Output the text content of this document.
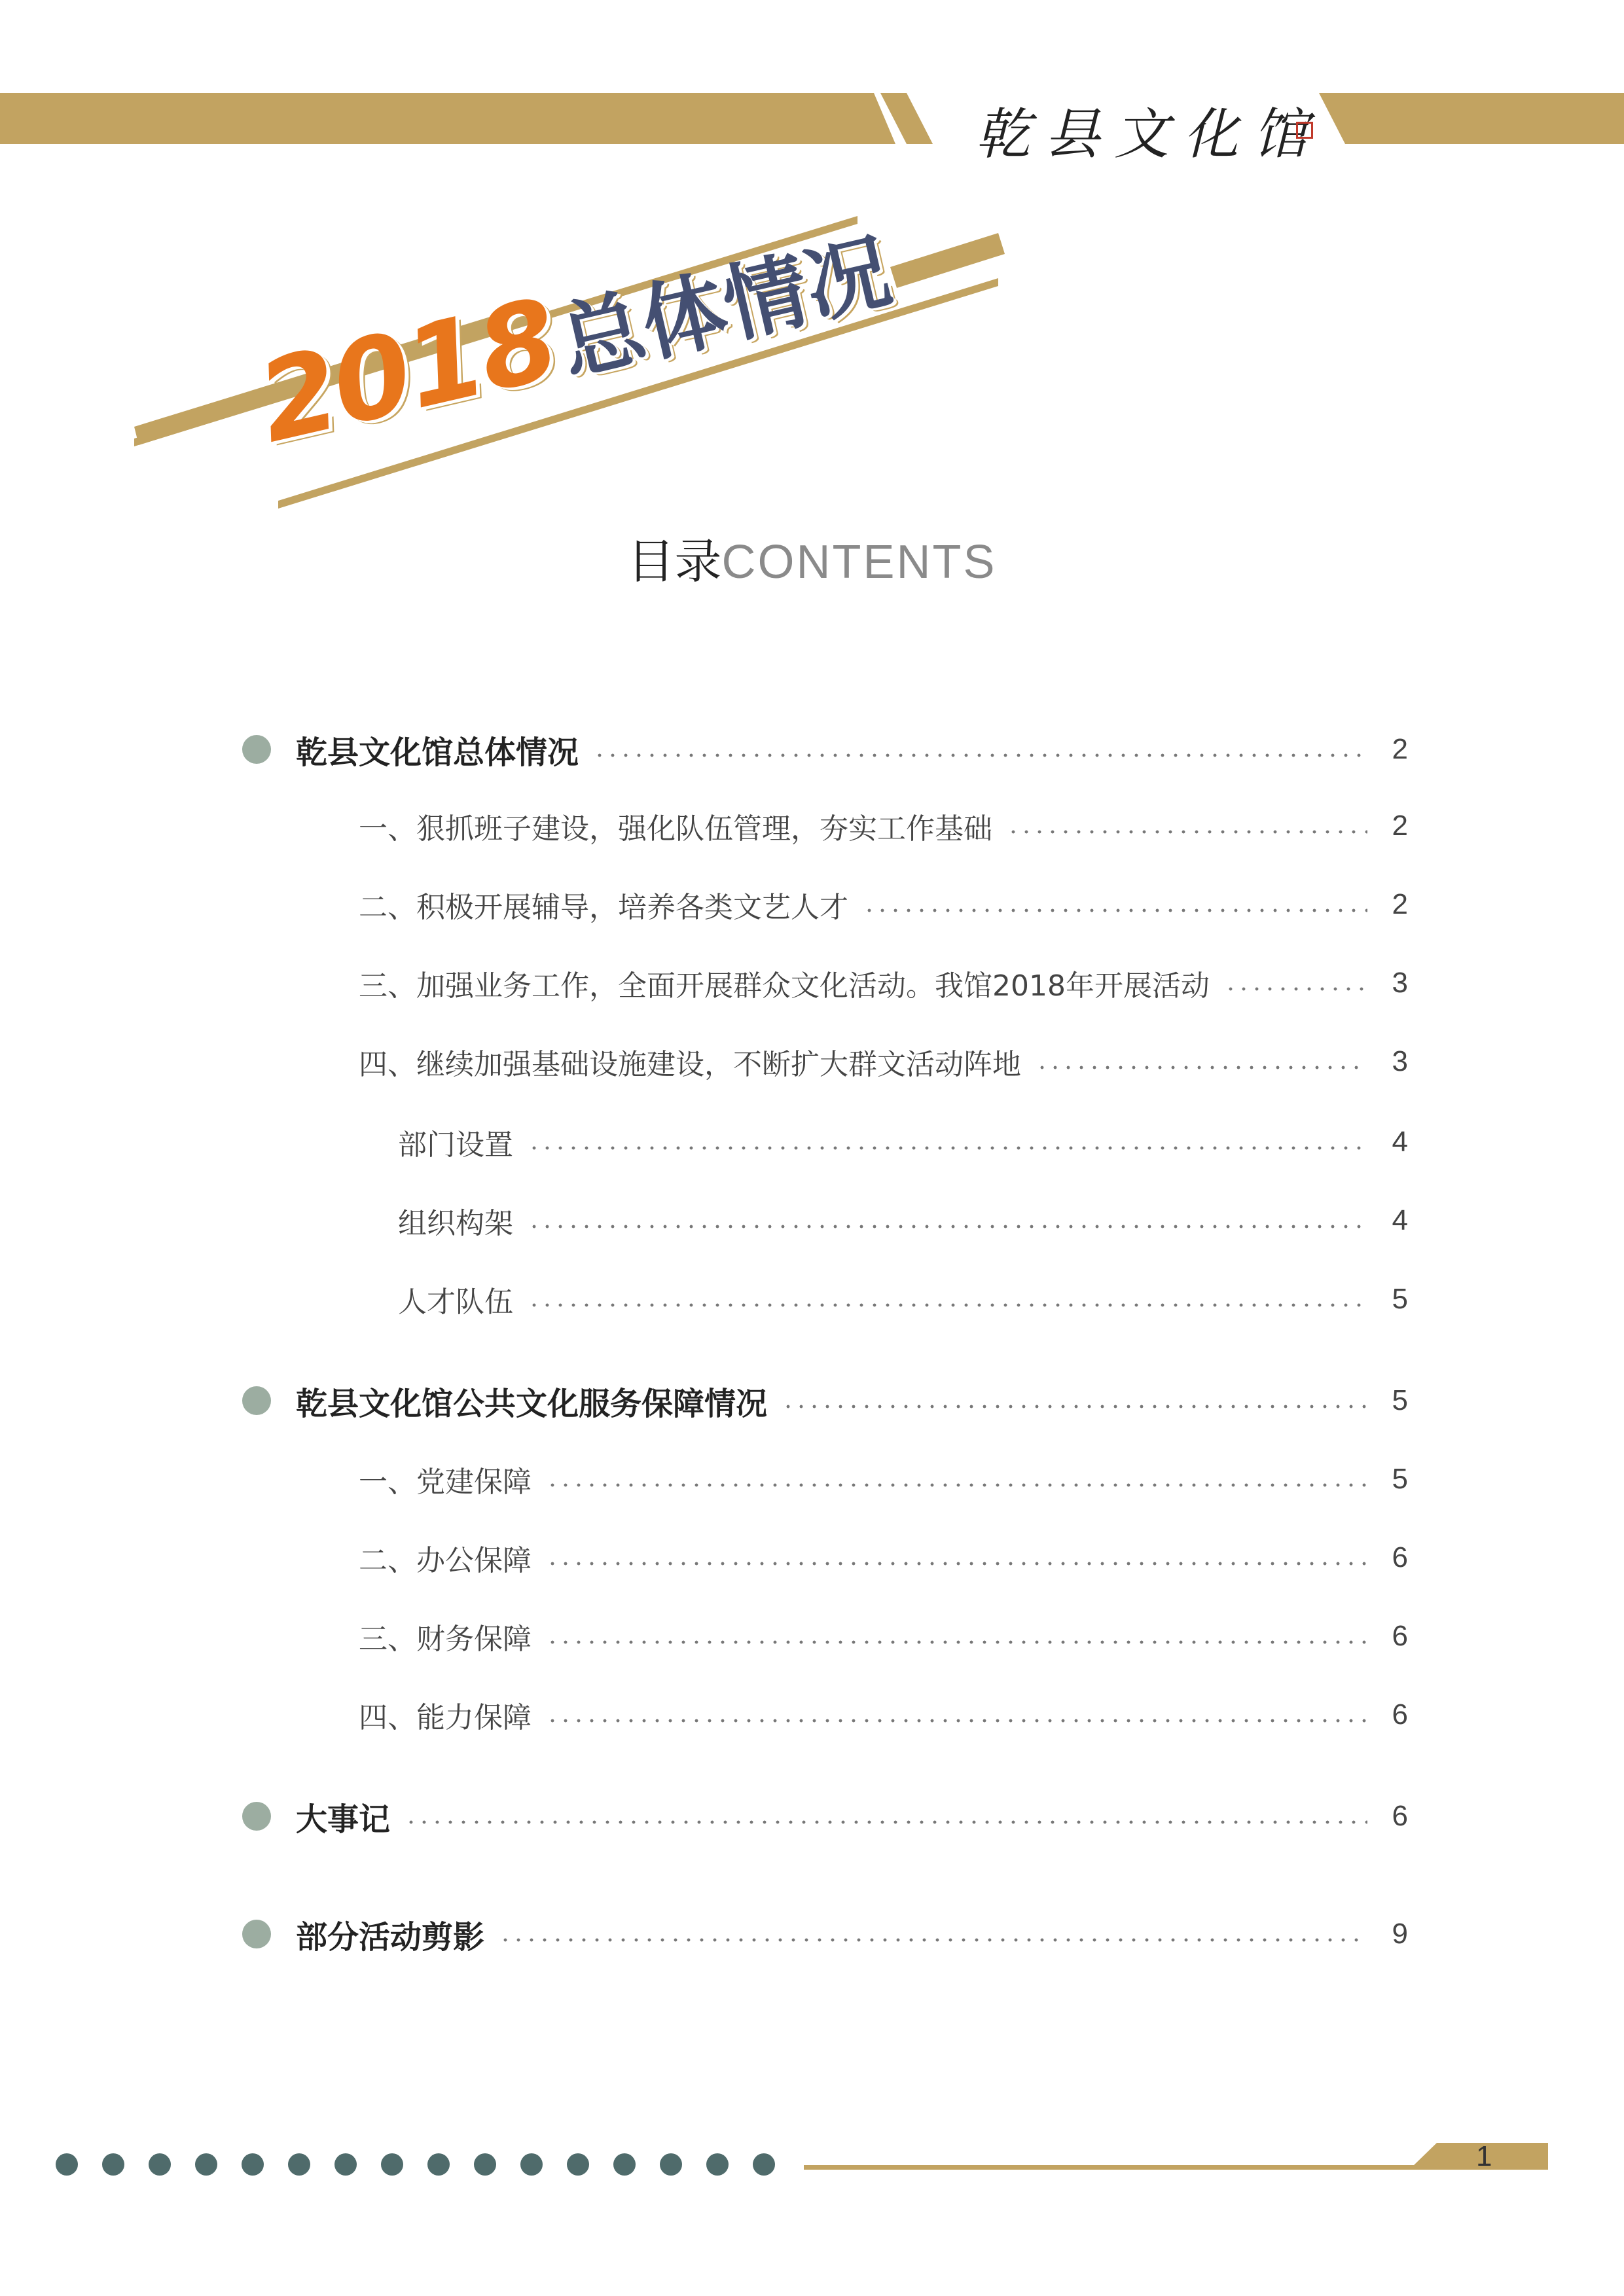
乾县文化馆
2018总体情况
目录CONTENTS
乾县文化馆总体情况	2
一、狠抓班子建设，强化队伍管理，夯实工作基础	2
二、积极开展辅导，培养各类文艺人才	2
三、加强业务工作，全面开展群众文化活动。我馆2018年开展活动	3
四、继续加强基础设施建设，不断扩大群文活动阵地	3
部门设置	4
组织构架	4
人才队伍	5
乾县文化馆公共文化服务保障情况	5
一、党建保障	5
二、办公保障	6
三、财务保障	6
四、能力保障	6
大事记	6
部分活动剪影	9
1
